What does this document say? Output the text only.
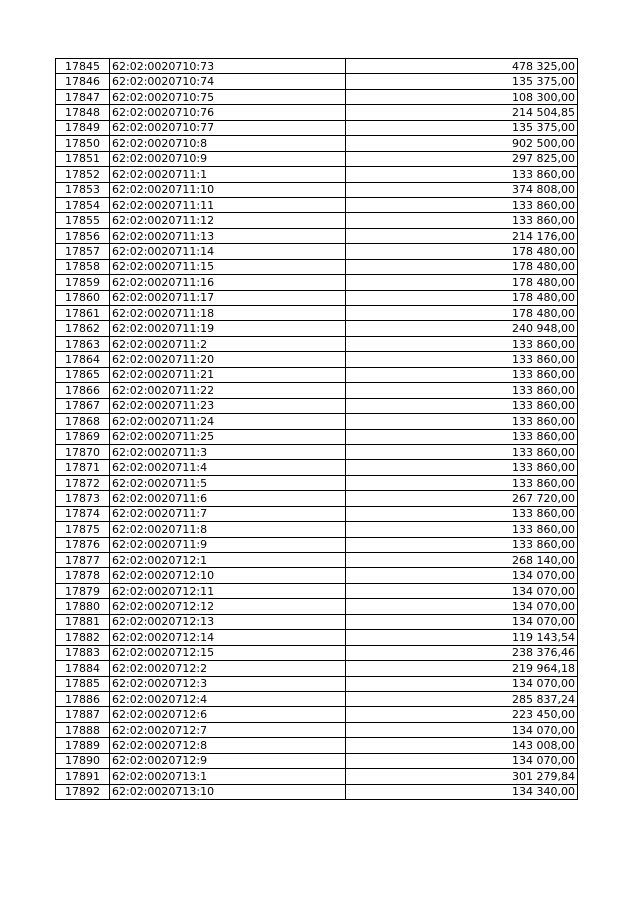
17845	62:02:0020710:73	478 325,00
17846	62:02:0020710:74	135 375,00
17847	62:02:0020710:75	108 300,00
17848	62:02:0020710:76	214 504,85
17849	62:02:0020710:77	135 375,00
17850	62:02:0020710:8	902 500,00
17851	62:02:0020710:9	297 825,00
17852	62:02:0020711:1	133 860,00
17853	62:02:0020711:10	374 808,00
17854	62:02:0020711:11	133 860,00
17855	62:02:0020711:12	133 860,00
17856	62:02:0020711:13	214 176,00
17857	62:02:0020711:14	178 480,00
17858	62:02:0020711:15	178 480,00
17859	62:02:0020711:16	178 480,00
17860	62:02:0020711:17	178 480,00
17861	62:02:0020711:18	178 480,00
17862	62:02:0020711:19	240 948,00
17863	62:02:0020711:2	133 860,00
17864	62:02:0020711:20	133 860,00
17865	62:02:0020711:21	133 860,00
17866	62:02:0020711:22	133 860,00
17867	62:02:0020711:23	133 860,00
17868	62:02:0020711:24	133 860,00
17869	62:02:0020711:25	133 860,00
17870	62:02:0020711:3	133 860,00
17871	62:02:0020711:4	133 860,00
17872	62:02:0020711:5	133 860,00
17873	62:02:0020711:6	267 720,00
17874	62:02:0020711:7	133 860,00
17875	62:02:0020711:8	133 860,00
17876	62:02:0020711:9	133 860,00
17877	62:02:0020712:1	268 140,00
17878	62:02:0020712:10	134 070,00
17879	62:02:0020712:11	134 070,00
17880	62:02:0020712:12	134 070,00
17881	62:02:0020712:13	134 070,00
17882	62:02:0020712:14	119 143,54
17883	62:02:0020712:15	238 376,46
17884	62:02:0020712:2	219 964,18
17885	62:02:0020712:3	134 070,00
17886	62:02:0020712:4	285 837,24
17887	62:02:0020712:6	223 450,00
17888	62:02:0020712:7	134 070,00
17889	62:02:0020712:8	143 008,00
17890	62:02:0020712:9	134 070,00
17891	62:02:0020713:1	301 279,84
17892	62:02:0020713:10	134 340,00
